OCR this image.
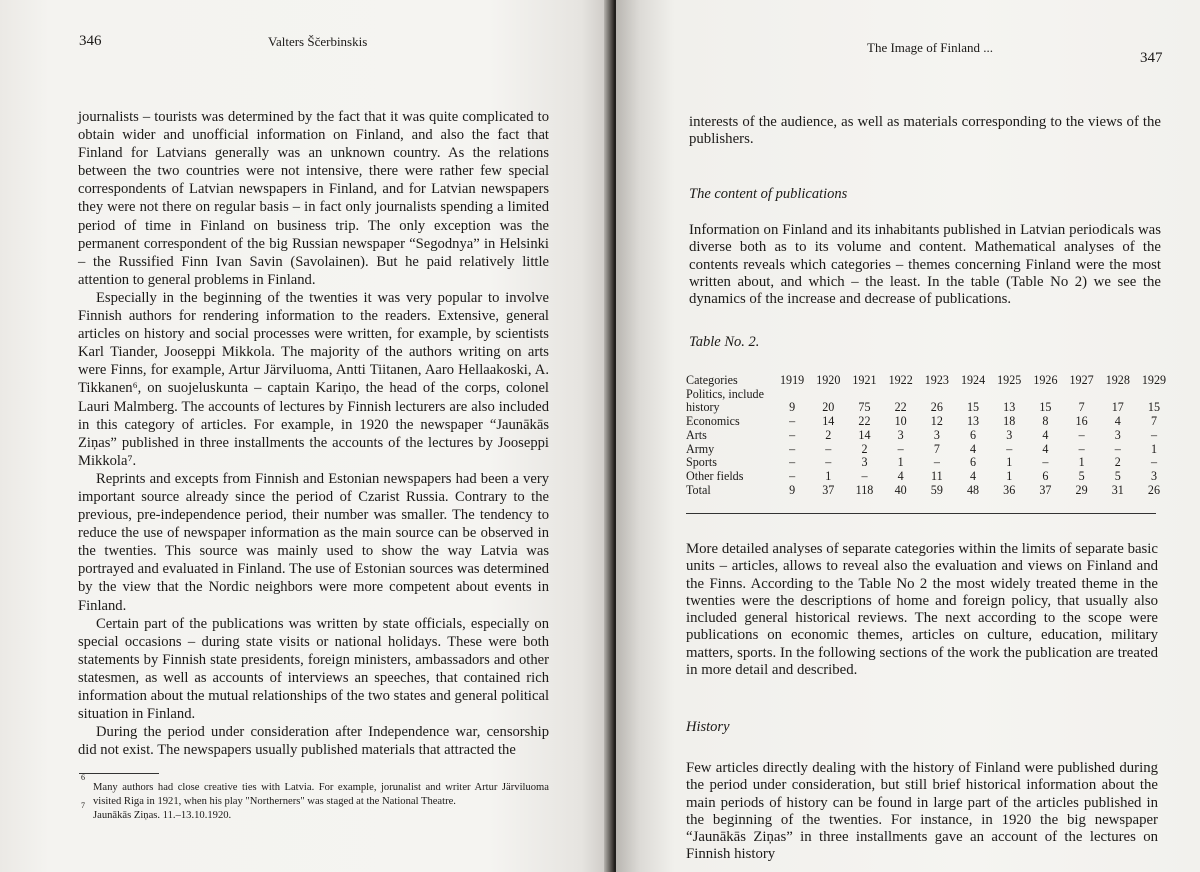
346	Valters Ščerbinskis

journalists – tourists was determined by the fact that it was quite complicated to obtain wider and unofficial information on Finland, and also the fact that Finland for Latvians generally was an unknown country. As the relations between the two countries were not intensive, there were rather few special correspondents of Latvian newspapers in Finland, and for Latvian newspapers they were not there on regular basis – in fact only journalists spending a limited period of time in Finland on business trip. The only exception was the permanent correspondent of the big Russian newspaper “Segodnya” in Helsinki – the Russified Finn Ivan Savin (Savolainen). But he paid relatively little attention to general problems in Finland.

Especially in the beginning of the twenties it was very popular to involve Finnish authors for rendering information to the readers. Extensive, general articles on history and social processes were written, for example, by scientists Karl Tiander, Jooseppi Mikkola. The majority of the authors writing on arts were Finns, for example, Artur Järviluoma, Antti Tiitanen, Aaro Hellaakoski, A. Tikkanen⁶, on suojeluskunta – captain Kariņo, the head of the corps, colonel Lauri Malmberg. The accounts of lectures by Finnish lecturers are also included in this category of articles. For example, in 1920 the newspaper “Jaunākās Ziņas” published in three installments the accounts of the lectures by Jooseppi Mikkola⁷.

Reprints and excepts from Finnish and Estonian newspapers had been a very important source already since the period of Czarist Russia. Contrary to the previous, pre-independence period, their number was smaller. The tendency to reduce the use of newspaper information as the main source can be observed in the twenties. This source was mainly used to show the way Latvia was portrayed and evaluated in Finland. The use of Estonian sources was determined by the view that the Nordic neighbors were more competent about events in Finland.

Certain part of the publications was written by state officials, especially on special occasions – during state visits or national holidays. These were both statements by Finnish state presidents, foreign ministers, ambassadors and other statesmen, as well as accounts of interviews an speeches, that contained rich information about the mutual relationships of the two states and general political situation in Finland.

During the period under consideration after Independence war, censorship did not exist. The newspapers usually published materials that attracted the

6
Many authors had close creative ties with Latvia. For example, jorunalist and writer Artur Järviluoma visited Riga in 1921, when his play "Northerners" was staged at the National Theatre.
7
Jaunākās Ziņas. 11.–13.10.1920.
The Image of Finland ...
347

interests of the audience, as well as materials corresponding to the views of the publishers.

The content of publications

Information on Finland and its inhabitants published in Latvian periodicals was diverse both as to its volume and content. Mathematical analyses of the contents reveals which categories – themes concerning Finland were the most written about, and which – the least. In the table (Table No 2) we see the dynamics of the increase and decrease of publications.

Table No. 2.
Categories	1919	1920	1921	1922	1923	1924	1925	1926	1927	1928	1929
Politics, include											
history	9	20	75	22	26	15	13	15	7	17	15
Economics	–	14	22	10	12	13	18	8	16	4	7
Arts	–	2	14	3	3	6	3	4	–	3	–
Army	–	–	2	–	7	4	–	4	–	–	1
Sports	–	–	3	1	–	6	1	–	1	2	–
Other fields	–	1	–	4	11	4	1	6	5	5	3
Total	9	37	118	40	59	48	36	37	29	31	26

More detailed analyses of separate categories within the limits of separate basic units – articles, allows to reveal also the evaluation and views on Finland and the Finns. According to the Table No 2 the most widely treated theme in the twenties were the descriptions of home and foreign policy, that usually also included general historical reviews. The next according to the scope were publications on economic themes, articles on culture, education, military matters, sports. In the following sections of the work the publication are treated in more detail and described.

History

Few articles directly dealing with the history of Finland were published during the period under consideration, but still brief historical information about the main periods of history can be found in large part of the articles published in the beginning of the twenties. For instance, in 1920 the big newspaper “Jaunākās Ziņas” in three installments gave an account of the lectures on Finnish history
